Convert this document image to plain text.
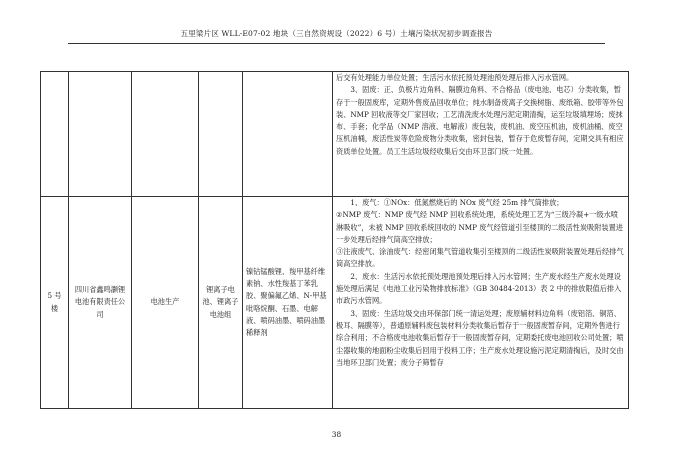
五里梁片区 WLL-E07-02 地块（三自然资规设（2022）6 号）土壤污染状况初步调查报告

					后交有处理能力单位处置；生活污水依托预处理池预处理后排入污水管网。

3、固废：正、负极片边角料、隔膜边角料、不合格品（废电池、电芯）分类收集，暂存于一般固废库，定期外售废品回收单位；纯水制备废离子交换树脂、废纸箱、胶带等外包装、NMP 回收液等交厂家回收；工艺清洗废水处理污泥定期清掏，运至垃圾填埋场；废抹布、手套；化学品（NMP 溶液、电解液）废包装，废机油、废空压机油，废机油桶、废空压机油桶，废活性炭等危险废物分类收集，密封包装，暂存于危废暂存间，定期交具有相应资质单位处置。员工生活垃圾经收集后交由环卫部门统一处置。

5 号楼	四川省鑫鸣灏锂电池有限责任公司	电池生产	锂离子电池、锂离子电池组	镍钴锰酸锂、羧甲基纤维素钠、水性羧基丁苯乳胶、聚偏氟乙烯、N-甲基吡咯烷酮、石墨、电解液、喷码油墨、喷码油墨稀释剂	1、废气：①NOx：低氮燃烧后的 NOx 废气经 25m 排气筒排放；

②NMP 废气：NMP 废气经 NMP 回收系统处理，系统处理工艺为“三级冷凝+一级水喷淋吸收”，未被 NMP 回收系统回收的 NMP 废气经管道引至楼顶的二级活性炭吸附装置进一步处理后经排气筒高空排放；

③注液废气、涂油废气：经密闭集气管道收集引至楼顶的二级活性炭吸附装置处理后经排气筒高空排放。

2、废水：生活污水依托预处理池预处理后排入污水管网；生产废水经生产废水处理设施处理后满足《电池工业污染物排放标准》（GB 30484-2013）表 2 中的排放限值后排入市政污水管网。

3、固废：生活垃圾交由环保部门统一清运处理；废原辅材料边角料（废铝箔、铜箔、极耳、隔膜等），普通原辅料废包装材料分类收集后暂存于一般固废暂存间，定期外售进行综合利用；不合格废电池收集后暂存于一般固废暂存间，定期委托废电池回收公司处置；喷尘器收集的地面粉尘收集后回用于投料工序；生产废水处理设施污泥定期清掏后，及时交由当地环卫部门处置；废分子筛暂存

38
